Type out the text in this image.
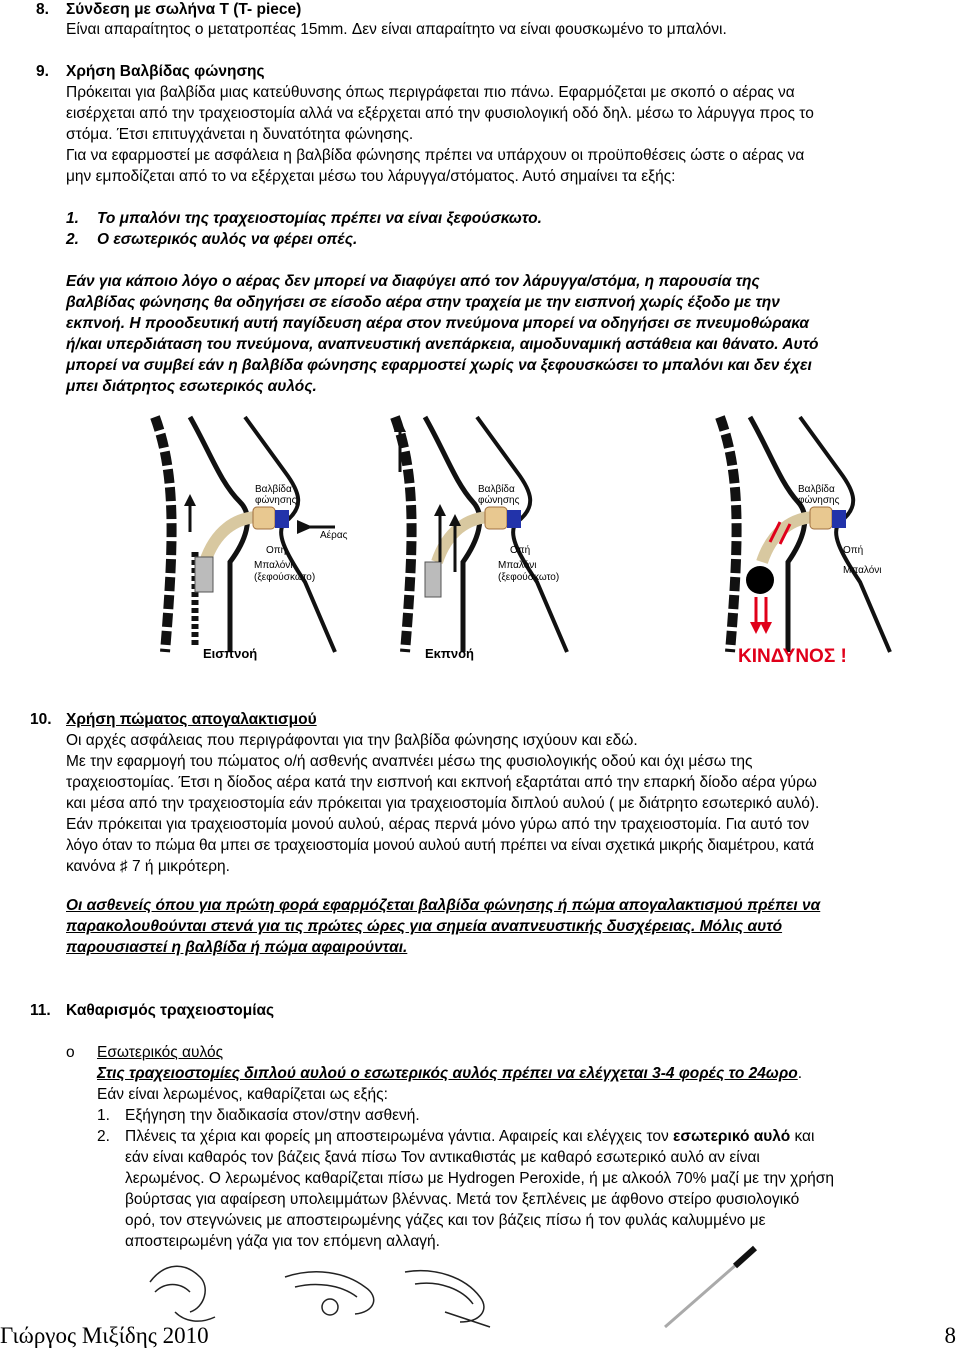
8. Σύνδεση με σωλήνα Τ (T- piece)
Είναι απαραίτητος ο μετατροπέας 15mm. Δεν είναι απαραίτητο να είναι φουσκωμένο το μπαλόνι.
9. Χρήση Βαλβίδας φώνησης
Πρόκειται για βαλβίδα μιας κατεύθυνσης όπως περιγράφεται πιο πάνω. Εφαρμόζεται με σκοπό ο αέρας να
εισέρχεται από την τραχειοστομία αλλά να εξέρχεται από την φυσιολογική οδό δηλ. μέσω το λάρυγγα προς το
στόμα. Έτσι επιτυγχάνεται η δυνατότητα φώνησης.
Για να εφαρμοστεί με ασφάλεια η βαλβίδα φώνησης πρέπει να υπάρχουν οι προϋποθέσεις ώστε ο αέρας να
μην εμποδίζεται από το να εξέρχεται μέσω του λάρυγγα/στόματος. Αυτό σημαίνει τα εξής:
1. Το μπαλόνι της τραχειοστομίας πρέπει να είναι ξεφούσκωτο.
2. Ο εσωτερικός αυλός να φέρει οπές.
Εάν για κάποιο λόγο ο αέρας δεν μπορεί να διαφύγει από τον λάρυγγα/στόμα, η παρουσία της
βαλβίδας φώνησης θα οδηγήσει σε είσοδο αέρα στην τραχεία με την εισπνοή χωρίς έξοδο με την
εκπνοή. Η προοδευτική αυτή παγίδευση αέρα στον πνεύμονα μπορεί να οδηγήσει σε πνευμοθώρακα
ή/και υπερδιάταση του πνεύμονα, αναπνευστική ανεπάρκεια, αιμοδυναμική αστάθεια και θάνατο. Αυτό
μπορεί να συμβεί εάν η βαλβίδα φώνησης εφαρμοστεί χωρίς να ξεφουσκώσει το μπαλόνι και δεν έχει
μπει διάτρητος εσωτερικός αυλός.
Βαλβίδα
φώνησης
Αέρας
Οπή
Μπαλόνι
(ξεφούσκωτο)
Εισπνοή
Βαλβίδα
φώνησης
Οπή
Μπαλόνι
(ξεφούσκωτο)
Εκπνοή
Βαλβίδα
φώνησης
Οπή
Μπαλόνι
ΚΙΝΔΥΝΟΣ !
10. Χρήση πώματος απογαλακτισμού
Οι αρχές ασφάλειας που περιγράφονται για την βαλβίδα φώνησης ισχύουν και εδώ.
Με την εφαρμογή του πώματος ο/ή ασθενής αναπνέει μέσω της φυσιολογικής οδού και όχι μέσω της
τραχειοστομίας. Έτσι η δίοδος αέρα κατά την εισπνοή και εκπνοή εξαρτάται από την επαρκή δίοδο αέρα γύρω
και μέσα από την τραχειοστομία εάν πρόκειται για τραχειοστομία διπλού αυλού ( με διάτρητο εσωτερικό αυλό).
Εάν πρόκειται για τραχειοστομία μονού αυλού, αέρας περνά μόνο γύρω από την τραχειοστομία. Για αυτό τον
λόγο όταν το πώμα θα μπει σε τραχειοστομία μονού αυλού αυτή πρέπει να είναι σχετικά μικρής διαμέτρου, κατά
κανόνα ♯ 7 ή μικρότερη.
Οι ασθενείς όπου για πρώτη φορά εφαρμόζεται βαλβίδα φώνησης ή πώμα απογαλακτισμού πρέπει να
παρακολουθούνται στενά για τις πρώτες ώρες για σημεία αναπνευστικής δυσχέρειας. Μόλις αυτό
παρουσιαστεί η βαλβίδα ή πώμα αφαιρούνται.
11. Καθαρισμός τραχειοστομίας
o Εσωτερικός αυλός
Στις τραχειοστομίες διπλού αυλού ο εσωτερικός αυλός πρέπει να ελέγχεται 3-4 φορές το 24ωρο.
Εάν είναι λερωμένος, καθαρίζεται ως εξής:
1. Εξήγηση την διαδικασία στον/στην ασθενή.
2. Πλένεις τα χέρια και φορείς μη αποστειρωμένα γάντια. Αφαιρείς και ελέγχεις τον εσωτερικό αυλό και
εάν είναι καθαρός τον βάζεις ξανά πίσω Τον αντικαθιστάς με καθαρό εσωτερικό αυλό αν είναι
λερωμένος. Ο λερωμένος καθαρίζεται πίσω με Hydrogen Peroxide, ή με αλκοόλ 70% μαζί με την χρήση
βούρτσας για αφαίρεση υπολειμμάτων βλέννας. Μετά τον ξεπλένεις με άφθονο στείρο φυσιολογικό
ορό, τον στεγνώνεις με αποστειρωμένης γάζες και τον βάζεις πίσω ή τον φυλάς καλυμμένο με
αποστειρωμένη γάζα για τον επόμενη αλλαγή.
Γιώργος Μιξίδης 2010	8
